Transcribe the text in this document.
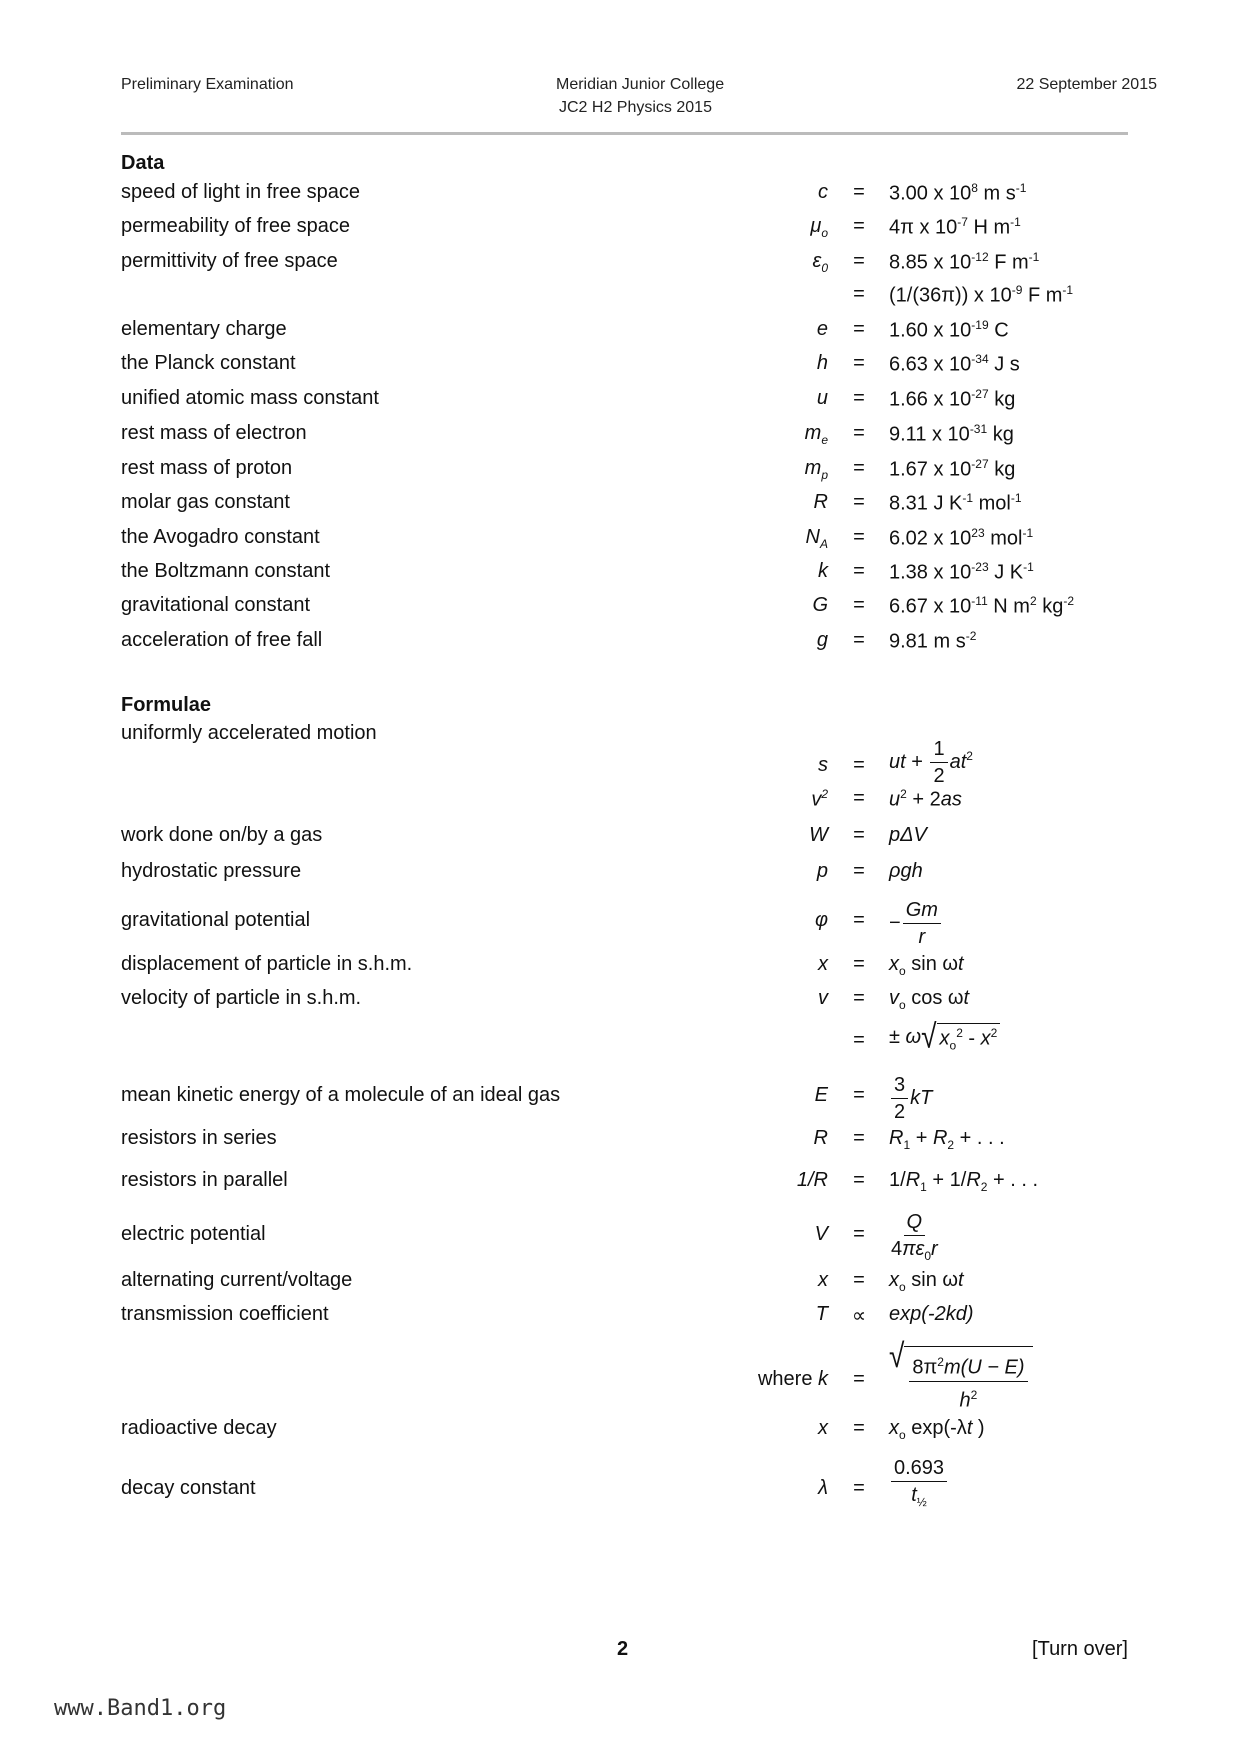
Preliminary Examination	Meridian Junior College
JC2 H2 Physics 2015
22 September 2015
Data
speed of light in free space	c = 3.00 x $10^8$ m $s^{-1}$
permeability of free space	$\mu_o = 4\pi$ x $10^{-7}$ H $m^{-1}$
permittivity of free space	$\varepsilon_0 = 8.85$ x $10^{-12}$ F $m^{-1}$
= (1/(36π)) x $10^{-9}$ F $m^{-1}$
elementary charge	e = 1.60 x $10^{-19}$ C
the Planck constant	h = 6.63 x $10^{-34}$ J s
unified atomic mass constant	u = 1.66 x $10^{-27}$ kg
rest mass of electron	$m_e = 9.11$ x $10^{-31}$ kg
rest mass of proton	$m_p = 1.67$ x $10^{-27}$ kg
molar gas constant	R = 8.31 J $K^{-1}$ mol$^{-1}$
the Avogadro constant	$N_A = 6.02$ x $10^{23}$ mol$^{-1}$
the Boltzmann constant	k = 1.38 x $10^{-23}$ J $K^{-1}$
gravitational constant	G = 6.67 x $10^{-11}$ N $m^2$ $kg^{-2}$
acceleration of free fall	g = 9.81 m $s^{-2}$
Formulae
uniformly accelerated motion
s = ut + $\frac{1}{2} at^2$
$v^2 = u^2 + 2as$
work done on/by a gas	W = pΔV
hydrostatic pressure	p = ρgh
gravitational potential	φ = − $\frac{Gm}{r}$
displacement of particle in s.h.m.	$x = x_o$ sin ωt
velocity of particle in s.h.m.	$v = v_o$ cos ωt
= ± ω √ $x_o^2 - x^2$
mean kinetic energy of a molecule of an ideal gas	$E = \frac{3}{2}$ kT
resistors in series	$R = R_1 + R_2$ + . . .
resistors in parallel	$1/R = 1/R_1 + 1/R_2$ + . . .
electric potential	$V = \frac{Q}{4\pi\varepsilon_0r}$
alternating current/voltage	$x = x_o$ sin ωt
transmission coefficient	T ∝ exp(-2kd)
where k =
√ $\frac{8\pi^2m(U - E)}{h^2}$
radioactive decay	$x = x_o$ exp(-λt )
decay constant	$\lambda = \frac{0.693}{t_{\frac{1}{2}}}$
2	[Turn over]
www.Band1.org
